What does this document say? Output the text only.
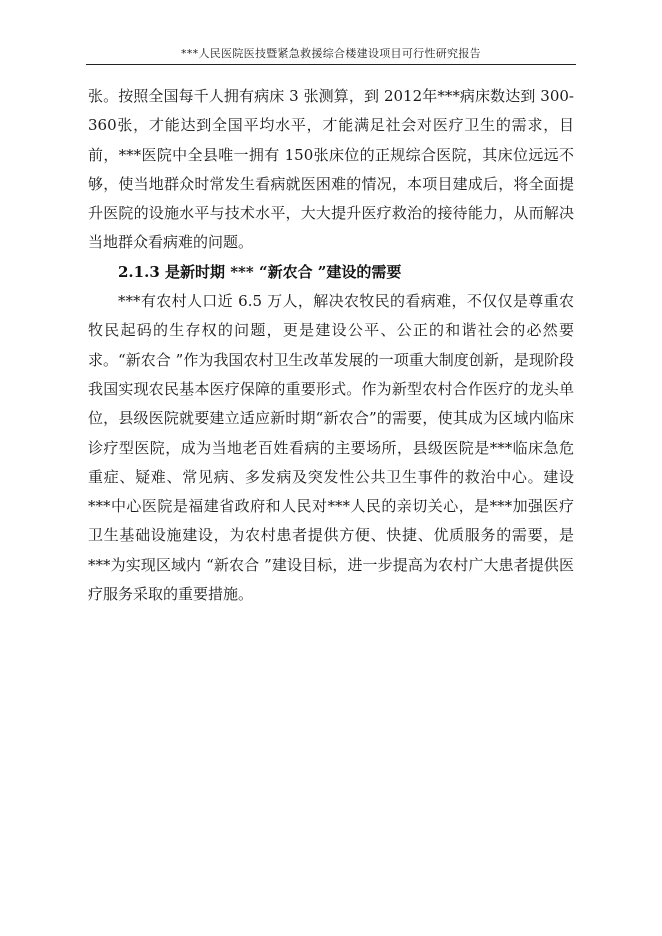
***人民医院医技暨紧急救援综合楼建设项目可行性研究报告

张。按照全国每千人拥有病床 3 张测算，到 2012年***病床数达到 300-360张，才能达到全国平均水平，才能满足社会对医疗卫生的需求，目前，***医院中全县唯一拥有 150张床位的正规综合医院，其床位远远不够，使当地群众时常发生看病就医困难的情况，本项目建成后，将全面提升医院的设施水平与技术水平，大大提升医疗救治的接待能力，从而解决当地群众看病难的问题。

2.1.3 是新时期 *** “新农合 ”建设的需要

***有农村人口近 6.5 万人，解决农牧民的看病难，不仅仅是尊重农牧民起码的生存权的问题，更是建设公平、公正的和谐社会的必然要求。“新农合 ”作为我国农村卫生改革发展的一项重大制度创新，是现阶段我国实现农民基本医疗保障的重要形式。作为新型农村合作医疗的龙头单位，县级医院就要建立适应新时期“新农合”的需要，使其成为区域内临床诊疗型医院，成为当地老百姓看病的主要场所，县级医院是***临床急危重症、疑难、常见病、多发病及突发性公共卫生事件的救治中心。建设***中心医院是福建省政府和人民对***人民的亲切关心，是***加强医疗卫生基础设施建设，为农村患者提供方便、快捷、优质服务的需要，是***为实现区域内 “新农合 ”建设目标，进一步提高为农村广大患者提供医疗服务采取的重要措施。
